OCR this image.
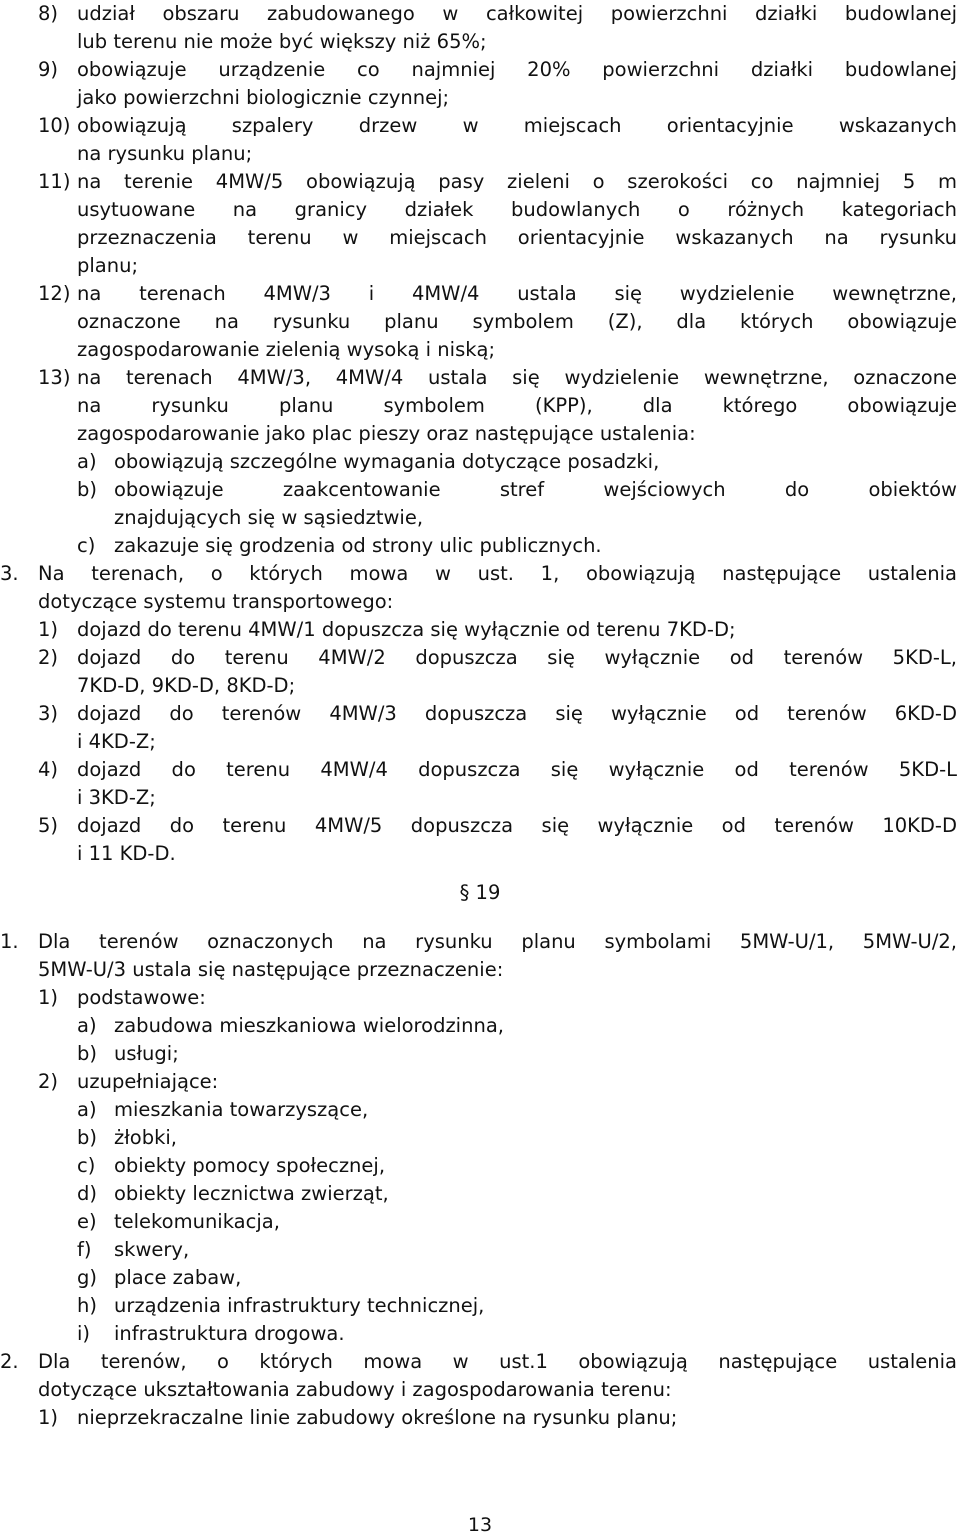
8) udział obszaru zabudowanego w całkowitej powierzchni działki budowlanej
lub terenu nie może być większy niż 65%;
9) obowiązuje urządzenie co najmniej 20% powierzchni działki budowlanej
jako powierzchni biologicznie czynnej;
10) obowiązują szpalery drzew w miejscach orientacyjnie wskazanych
na rysunku planu;
11) na terenie 4MW/5 obowiązują pasy zieleni o szerokości co najmniej 5 m
usytuowane na granicy działek budowlanych o różnych kategoriach
przeznaczenia terenu w miejscach orientacyjnie wskazanych na rysunku
planu;
12) na terenach 4MW/3 i 4MW/4 ustala się wydzielenie wewnętrzne,
oznaczone na rysunku planu symbolem (Z), dla których obowiązuje
zagospodarowanie zielenią wysoką i niską;
13) na terenach 4MW/3, 4MW/4 ustala się wydzielenie wewnętrzne, oznaczone
na rysunku planu symbolem (KPP), dla którego obowiązuje
zagospodarowanie jako plac pieszy oraz następujące ustalenia:
a) obowiązują szczególne wymagania dotyczące posadzki,
b) obowiązuje zaakcentowanie stref wejściowych do obiektów
znajdujących się w sąsiedztwie,
c) zakazuje się grodzenia od strony ulic publicznych.
3. Na terenach, o których mowa w ust. 1, obowiązują następujące ustalenia
dotyczące systemu transportowego:
1) dojazd do terenu 4MW/1 dopuszcza się wyłącznie od terenu 7KD-D;
2) dojazd do terenu 4MW/2 dopuszcza się wyłącznie od terenów 5KD-L,
7KD-D, 9KD-D, 8KD-D;
3) dojazd do terenów 4MW/3 dopuszcza się wyłącznie od terenów 6KD-D
i 4KD-Z;
4) dojazd do terenu 4MW/4 dopuszcza się wyłącznie od terenów 5KD-L
i 3KD-Z;
5) dojazd do terenu 4MW/5 dopuszcza się wyłącznie od terenów 10KD-D
i 11 KD-D.
§ 19
1. Dla terenów oznaczonych na rysunku planu symbolami 5MW-U/1, 5MW-U/2,
5MW-U/3 ustala się następujące przeznaczenie:
1) podstawowe:
a) zabudowa mieszkaniowa wielorodzinna,
b) usługi;
2) uzupełniające:
a) mieszkania towarzyszące,
b) żłobki,
c) obiekty pomocy społecznej,
d) obiekty lecznictwa zwierząt,
e) telekomunikacja,
f) skwery,
g) place zabaw,
h) urządzenia infrastruktury technicznej,
i) infrastruktura drogowa.
2. Dla terenów, o których mowa w ust.1 obowiązują następujące ustalenia
dotyczące ukształtowania zabudowy i zagospodarowania terenu:
1) nieprzekraczalne linie zabudowy określone na rysunku planu;
13
